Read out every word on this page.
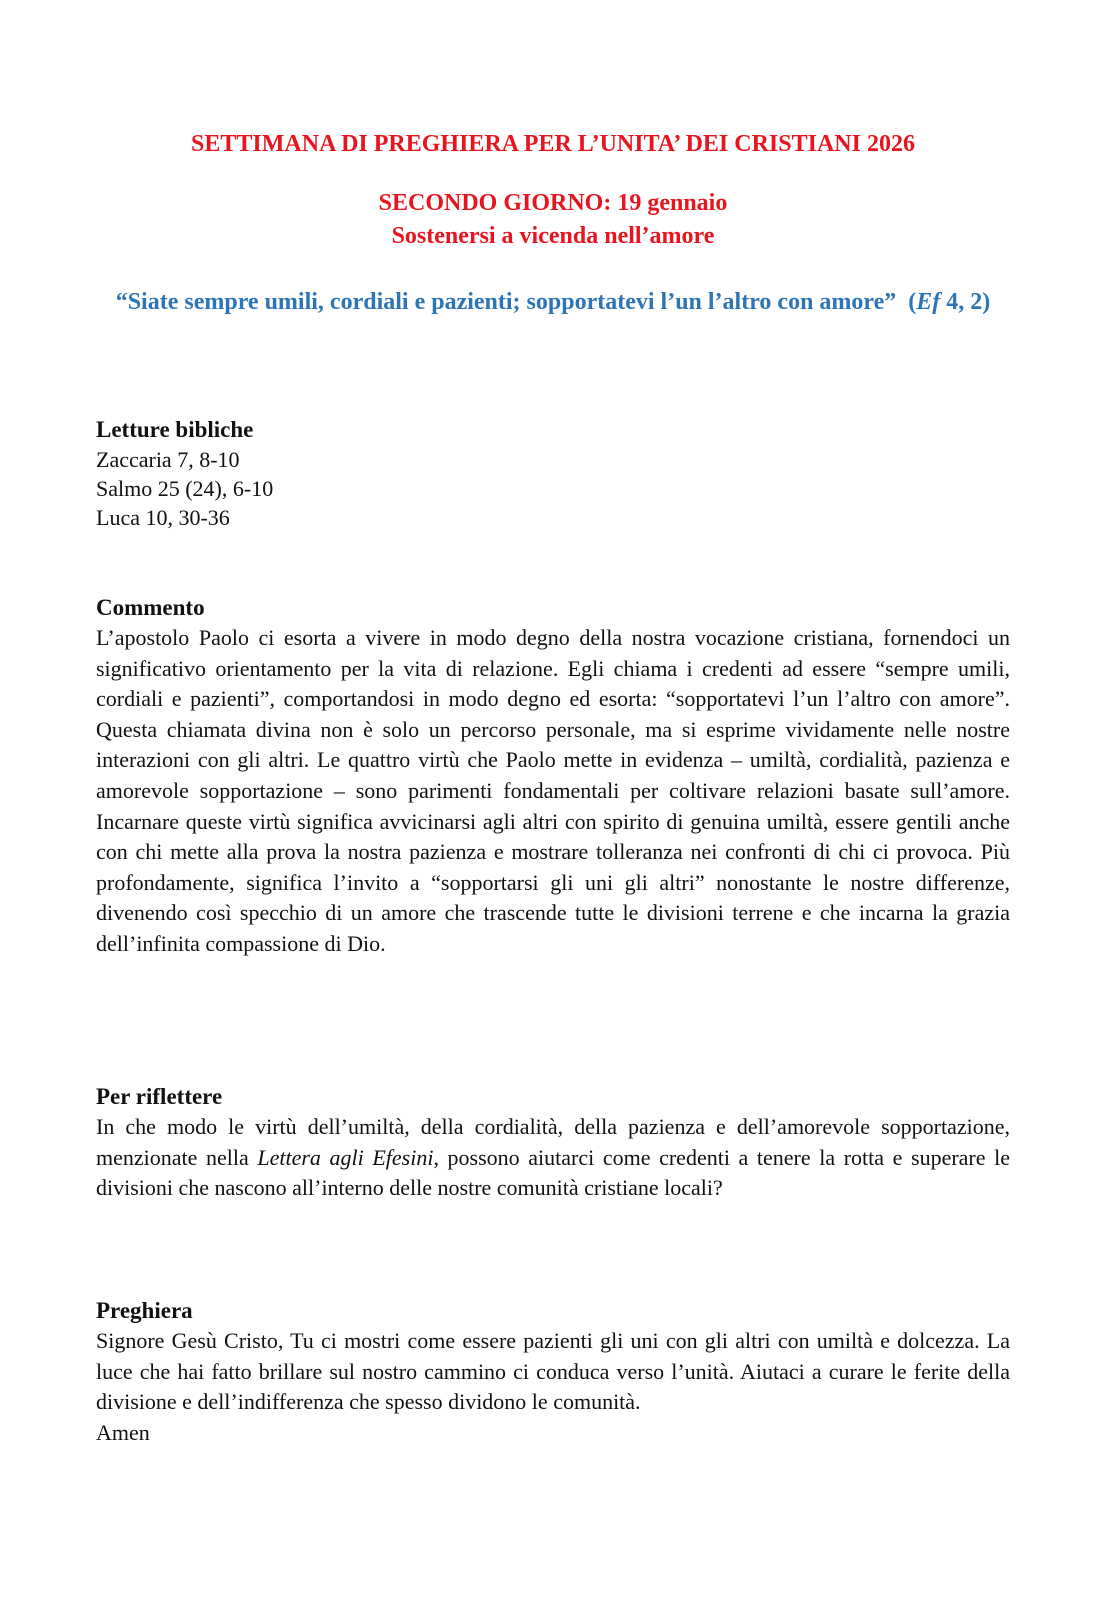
SETTIMANA DI PREGHIERA PER L’UNITA’ DEI CRISTIANI 2026
SECONDO GIORNO: 19 gennaio
Sostenersi a vicenda nell’amore

“Siate sempre umili, cordiali e pazienti; sopportatevi l’un l’altro con amore”  (Ef 4, 2)

Letture bibliche
Zaccaria 7, 8-10
Salmo 25 (24), 6-10
Luca 10, 30-36
Commento

L’apostolo Paolo ci esorta a vivere in modo degno della nostra vocazione cristiana, fornendoci un significativo orientamento per la vita di relazione. Egli chiama i credenti ad essere “sempre umili, cordiali e pazienti”, comportandosi in modo degno ed esorta: “sopportatevi l’un l’altro con amore”. Questa chiamata divina non è solo un percorso personale, ma si esprime vividamente nelle nostre interazioni con gli altri. Le quattro virtù che Paolo mette in evidenza – umiltà, cordialità, pazienza e amorevole sopportazione – sono parimenti fondamentali per coltivare relazioni basate sull’amore. Incarnare queste virtù significa avvicinarsi agli altri con spirito di genuina umiltà, essere gentili anche con chi mette alla prova la nostra pazienza e mostrare tolleranza nei confronti di chi ci provoca. Più profondamente, significa l’invito a “sopportarsi gli uni gli altri” nonostante le nostre differenze, divenendo così specchio di un amore che trascende tutte le divisioni terrene e che incarna la grazia dell’infinita compassione di Dio.

Per riflettere

In che modo le virtù dell’umiltà, della cordialità, della pazienza e dell’amorevole sopportazione, menzionate nella Lettera agli Efesini, possono aiutarci come credenti a tenere la rotta e superare le divisioni che nascono all’interno delle nostre comunità cristiane locali?

Preghiera

Signore Gesù Cristo, Tu ci mostri come essere pazienti gli uni con gli altri con umiltà e dolcezza. La luce che hai fatto brillare sul nostro cammino ci conduca verso l’unità. Aiutaci a curare le ferite della divisione e dell’indifferenza che spesso dividono le comunità.

Amen
